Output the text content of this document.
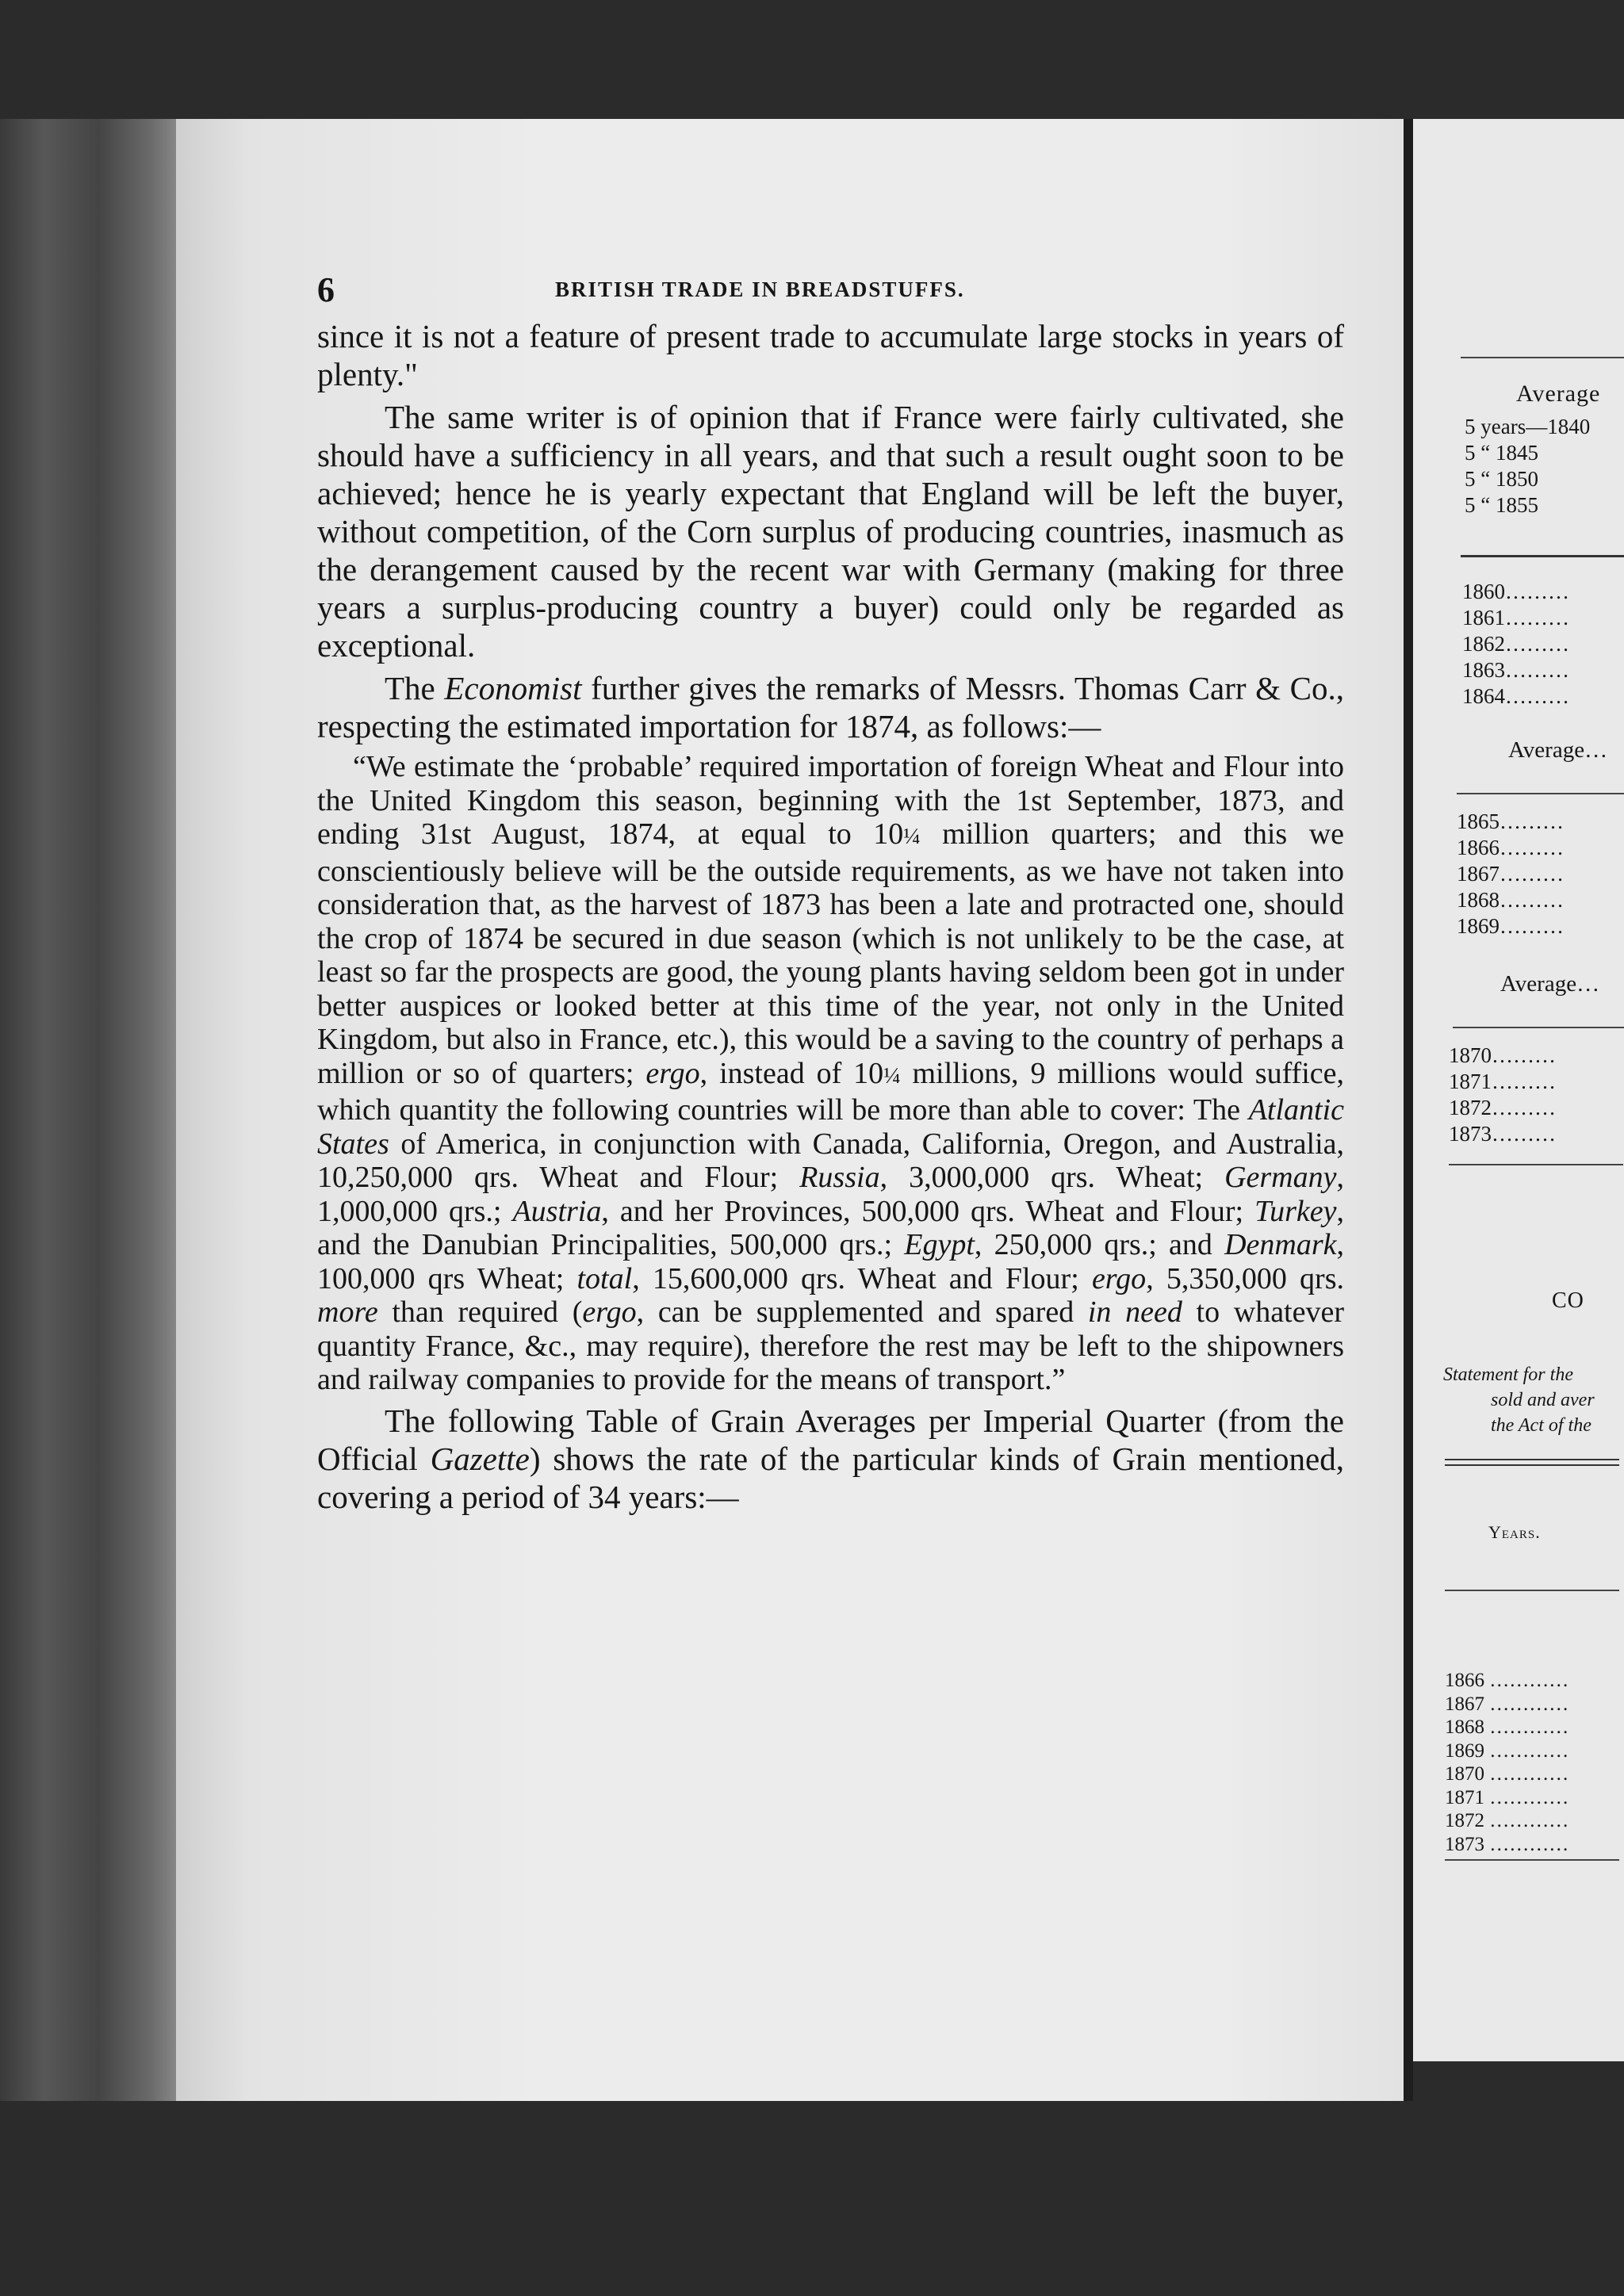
6	BRITISH TRADE IN BREADSTUFFS.

since it is not a feature of present trade to accumulate large stocks in years of plenty."

The same writer is of opinion that if France were fairly cultivated, she should have a sufficiency in all years, and that such a result ought soon to be achieved; hence he is yearly expectant that England will be left the buyer, without competition, of the Corn surplus of producing countries, inasmuch as the derangement caused by the recent war with Germany (making for three years a surplus-producing country a buyer) could only be regarded as exceptional.

The Economist further gives the remarks of Messrs. Thomas Carr & Co., respecting the estimated importation for 1874, as follows:—

“We estimate the ‘probable’ required importation of foreign Wheat and Flour into the United Kingdom this season, beginning with the 1st September, 1873, and ending 31st August, 1874, at equal to 10¼ million quarters; and this we conscientiously believe will be the outside requirements, as we have not taken into consideration that, as the harvest of 1873 has been a late and protracted one, should the crop of 1874 be secured in due season (which is not unlikely to be the case, at least so far the prospects are good, the young plants having seldom been got in under better auspices or looked better at this time of the year, not only in the United Kingdom, but also in France, etc.), this would be a saving to the country of perhaps a million or so of quarters; ergo, instead of 10¼ millions, 9 millions would suffice, which quantity the following countries will be more than able to cover: The Atlantic States of America, in conjunction with Canada, California, Oregon, and Australia, 10,250,000 qrs. Wheat and Flour; Russia, 3,000,000 qrs. Wheat; Germany, 1,000,000 qrs.; Austria, and her Provinces, 500,000 qrs. Wheat and Flour; Turkey, and the Danubian Principalities, 500,000 qrs.; Egypt, 250,000 qrs.; and Denmark, 100,000 qrs Wheat; total, 15,600,000 qrs. Wheat and Flour; ergo, 5,350,000 qrs. more than required (ergo, can be supplemented and spared in need to whatever quantity France, &c., may require), therefore the rest may be left to the shipowners and railway companies to provide for the means of transport.”

The following Table of Grain Averages per Imperial Quarter (from the Official Gazette) shows the rate of the particular kinds of Grain mentioned, covering a period of 34 years:—

Average
5 years—1840
5 “ 1845
5 “ 1850
5 “ 1855
1860………
1861………
1862………
1863………
1864………
Average…
1865………
1866………
1867………
1868………
1869………
Average…
1870………
1871………
1872………
1873………
CO
Statement for the
sold and aver
the Act of the
Years.
1866 …………
1867 …………
1868 …………
1869 …………
1870 …………
1871 …………
1872 …………
1873 …………
